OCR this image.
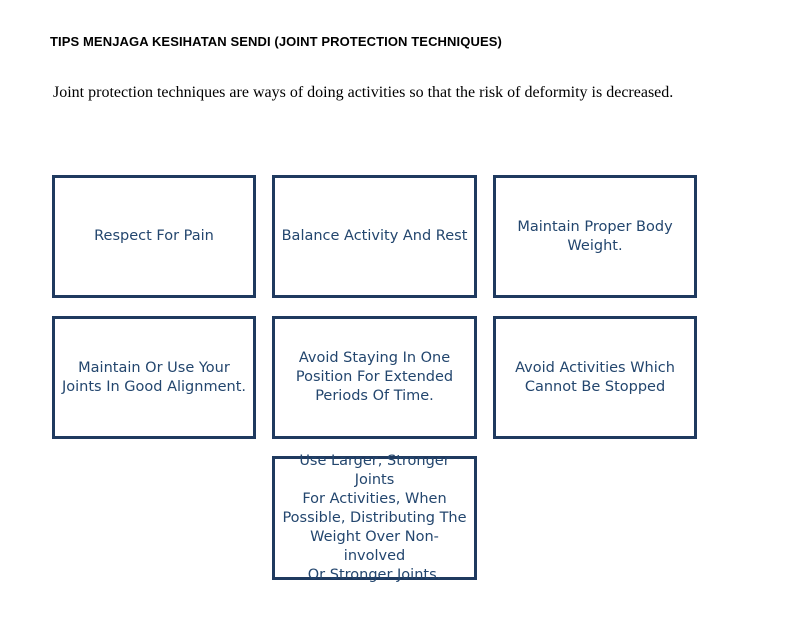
TIPS MENJAGA KESIHATAN SENDI (JOINT PROTECTION TECHNIQUES)
Joint protection techniques are ways of doing activities so that the risk of deformity is decreased.
Respect For Pain	Balance Activity And Rest
Maintain Proper Body
Weight.
Maintain Or Use Your
Joints In Good Alignment.
Avoid Staying In One
Position For Extended
Periods Of Time.
Avoid Activities Which
Cannot Be Stopped
Use Larger, Stronger Joints
For Activities, When
Possible, Distributing The
Weight Over Non-involved
Or Stronger Joints.
